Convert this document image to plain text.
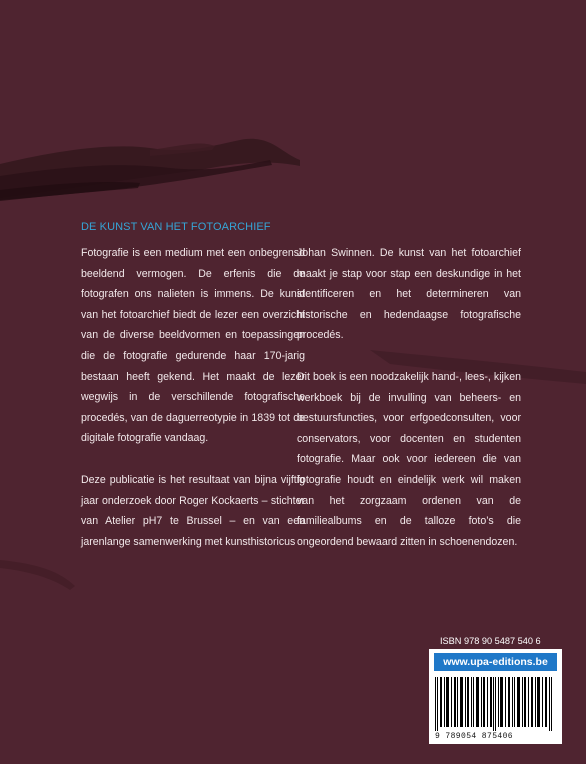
DE KUNST VAN HET FOTOARCHIEF

Fotografie is een medium met een onbegrensd beeldend vermogen. De erfenis die de fotografen ons nalieten is immens. De kunst van het fotoarchief biedt de lezer een overzicht van de diverse beeldvormen en toepassingen die de fotografie gedurende haar 170-jarig bestaan heeft gekend. Het maakt de lezer wegwijs in de verschillende fotografische procedés, van de daguerreotypie in 1839 tot de digitale fotografie vandaag.

Deze publicatie is het resultaat van bijna vijftig jaar onderzoek door Roger Kockaerts – stichter van Atelier pH7 te Brussel – en van een jarenlange samenwerking met kunsthistoricus

Johan Swinnen. De kunst van het fotoarchief maakt je stap voor stap een deskundige in het identificeren en het determineren van historische en hedendaagse fotografische procedés.

Dit boek is een noodzakelijk hand-, lees-, kijken werkboek bij de invulling van beheers- en bestuursfuncties, voor erfgoedconsulten, voor conservators, voor docenten en studenten fotografie. Maar ook voor iedereen die van fotografie houdt en eindelijk werk wil maken van het zorgzaam ordenen van de familiealbums en de talloze foto’s die ongeordend bewaard zitten in schoenendozen.

ISBN 978 90 5487 540 6
www.upa-editions.be
9 789054 875406
